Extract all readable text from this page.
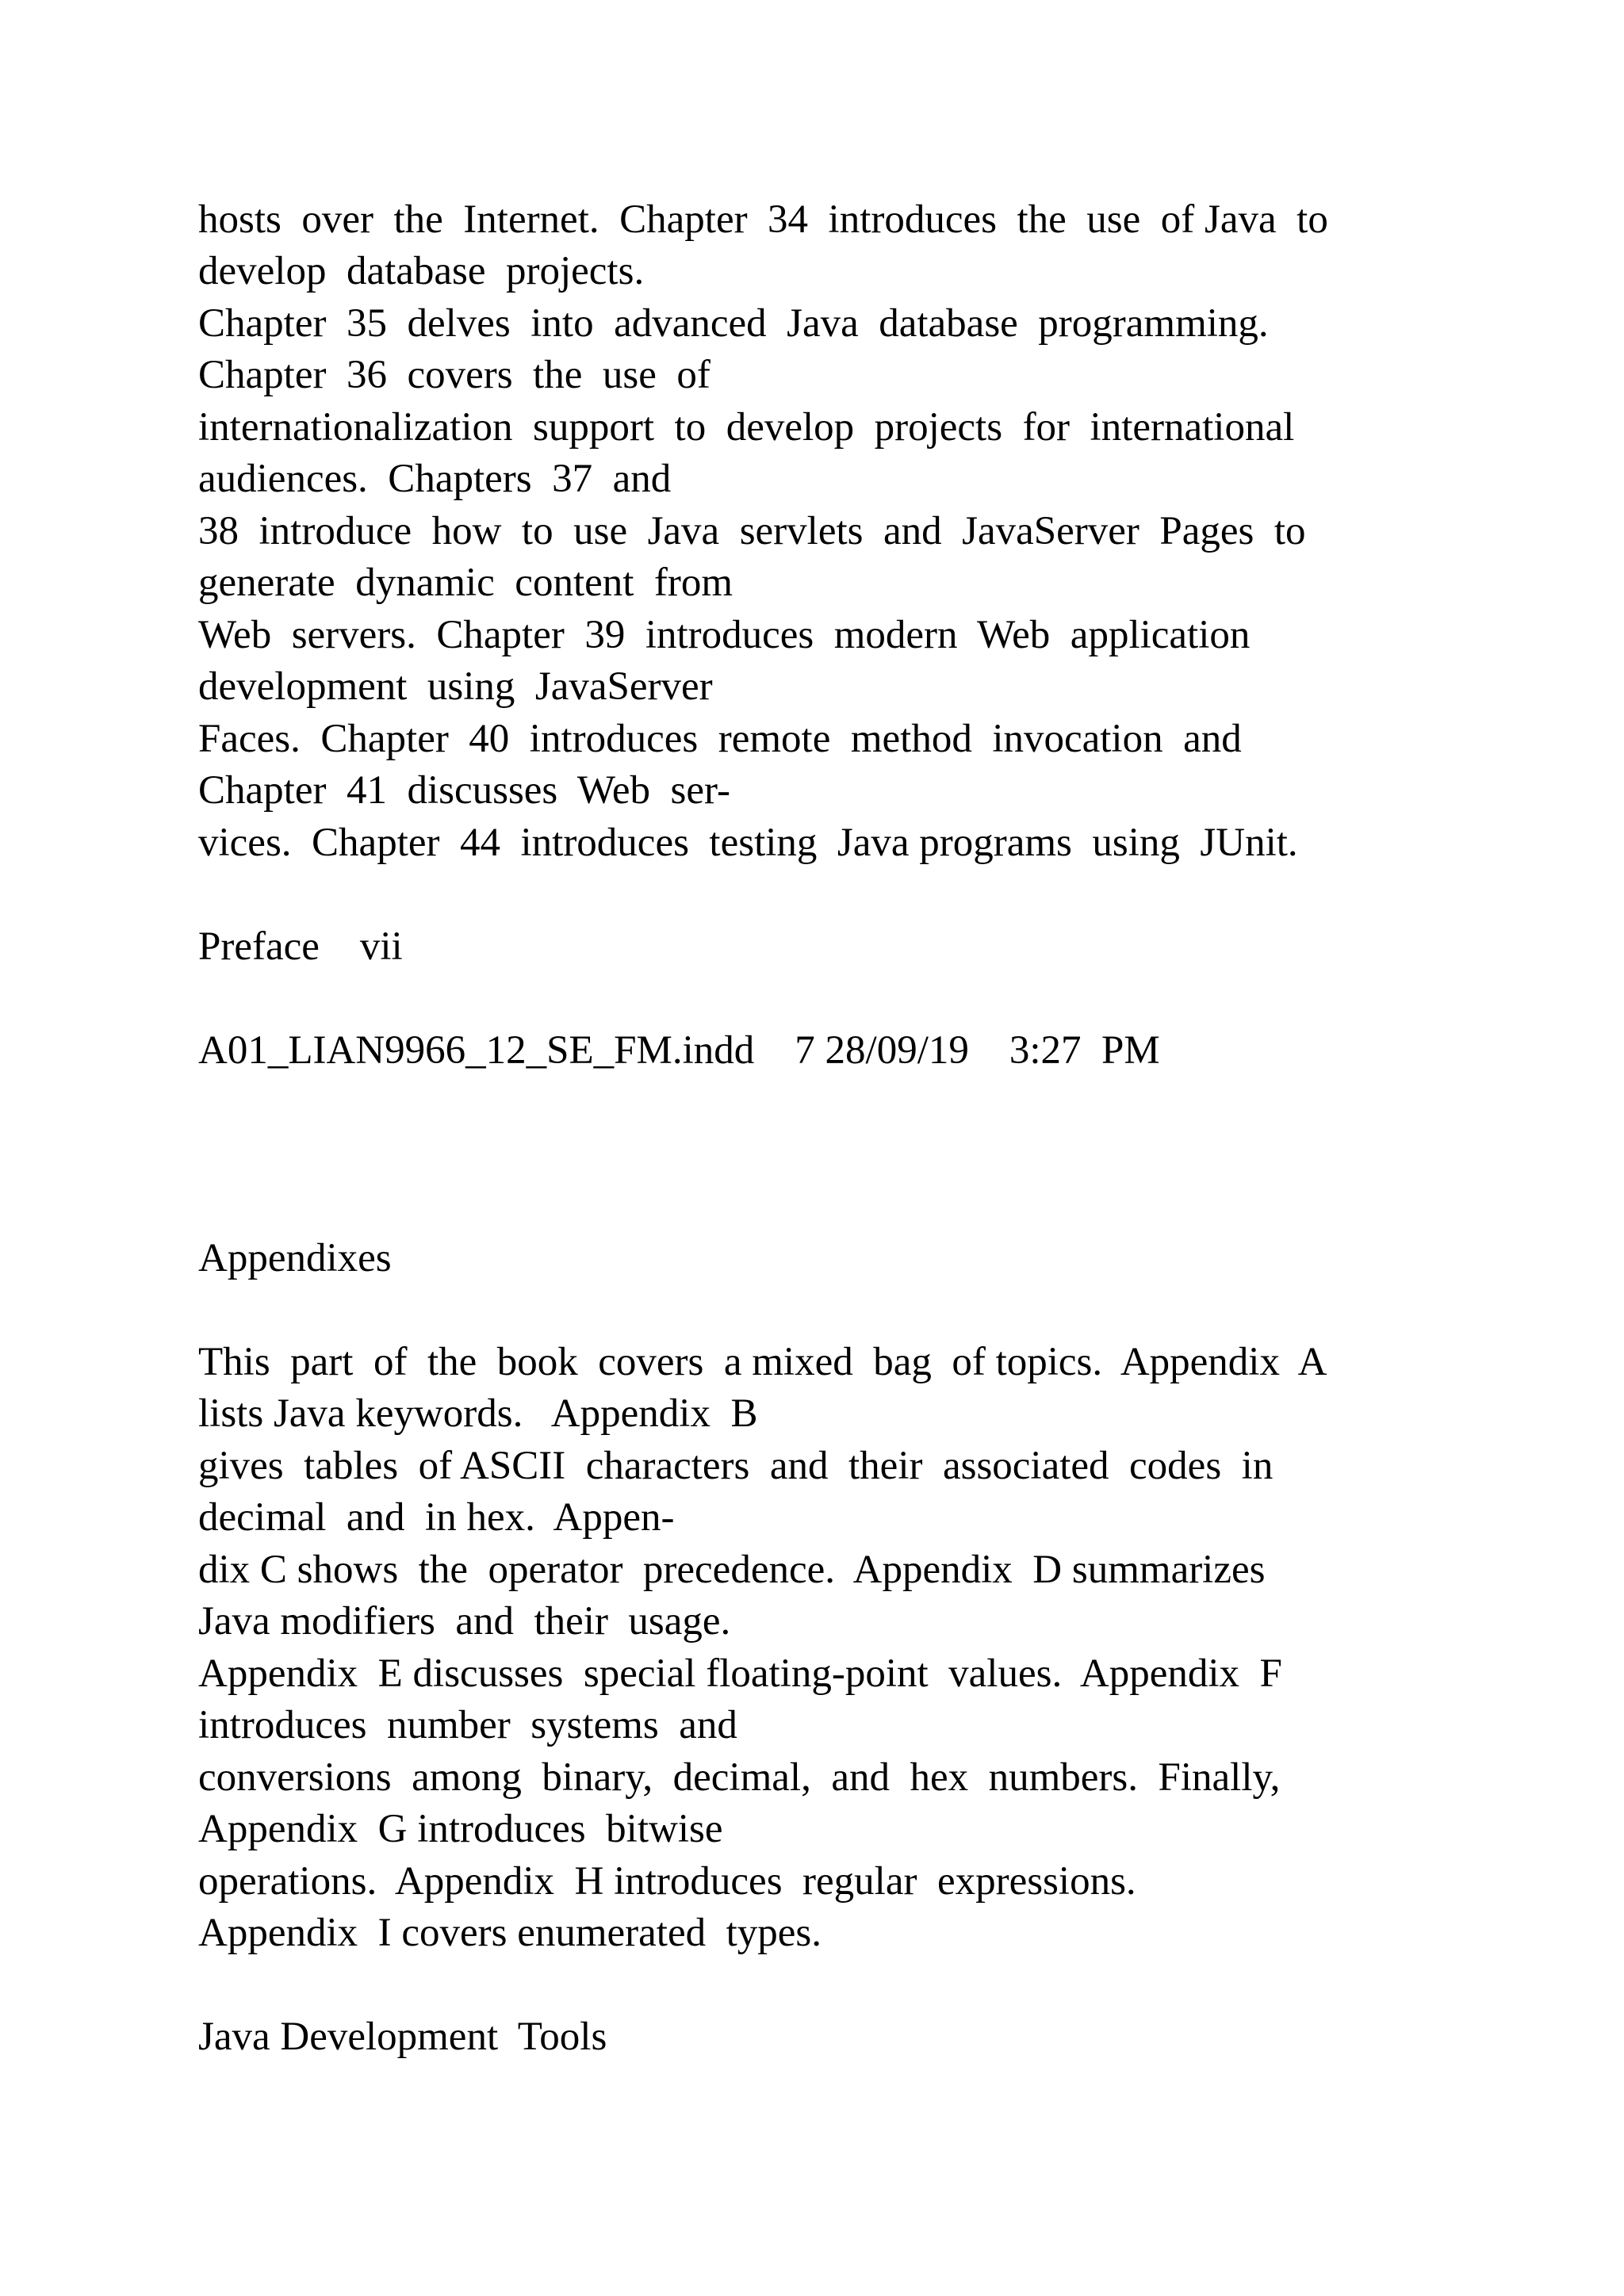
hosts  over  the  Internet.  Chapter  34  introduces  the  use  of Java  to

develop  database  projects.

Chapter  35  delves  into  advanced  Java  database  programming.

Chapter  36  covers  the  use  of

internationalization  support  to  develop  projects  for  international

audiences.  Chapters  37  and

38  introduce  how  to  use  Java  servlets  and  JavaServer  Pages  to

generate  dynamic  content  from

Web  servers.  Chapter  39  introduces  modern  Web  application

development  using  JavaServer

Faces.  Chapter  40  introduces  remote  method  invocation  and

Chapter  41  discusses  Web  ser-

vices.  Chapter  44  introduces  testing  Java programs  using  JUnit.

Preface    vii

A01_LIAN9966_12_SE_FM.indd    7 28/09/19    3:27  PM

Appendixes

This  part  of  the  book  covers  a mixed  bag  of topics.  Appendix  A

lists Java keywords.   Appendix  B

gives  tables  of ASCII  characters  and  their  associated  codes  in

decimal  and  in hex.  Appen-

dix C shows  the  operator  precedence.  Appendix  D summarizes

Java modifiers  and  their  usage.

Appendix  E discusses  special floating-point  values.  Appendix  F

introduces  number  systems  and

conversions  among  binary,  decimal,  and  hex  numbers.  Finally,

Appendix  G introduces  bitwise

operations.  Appendix  H introduces  regular  expressions.

Appendix  I covers enumerated  types.

Java Development  Tools
